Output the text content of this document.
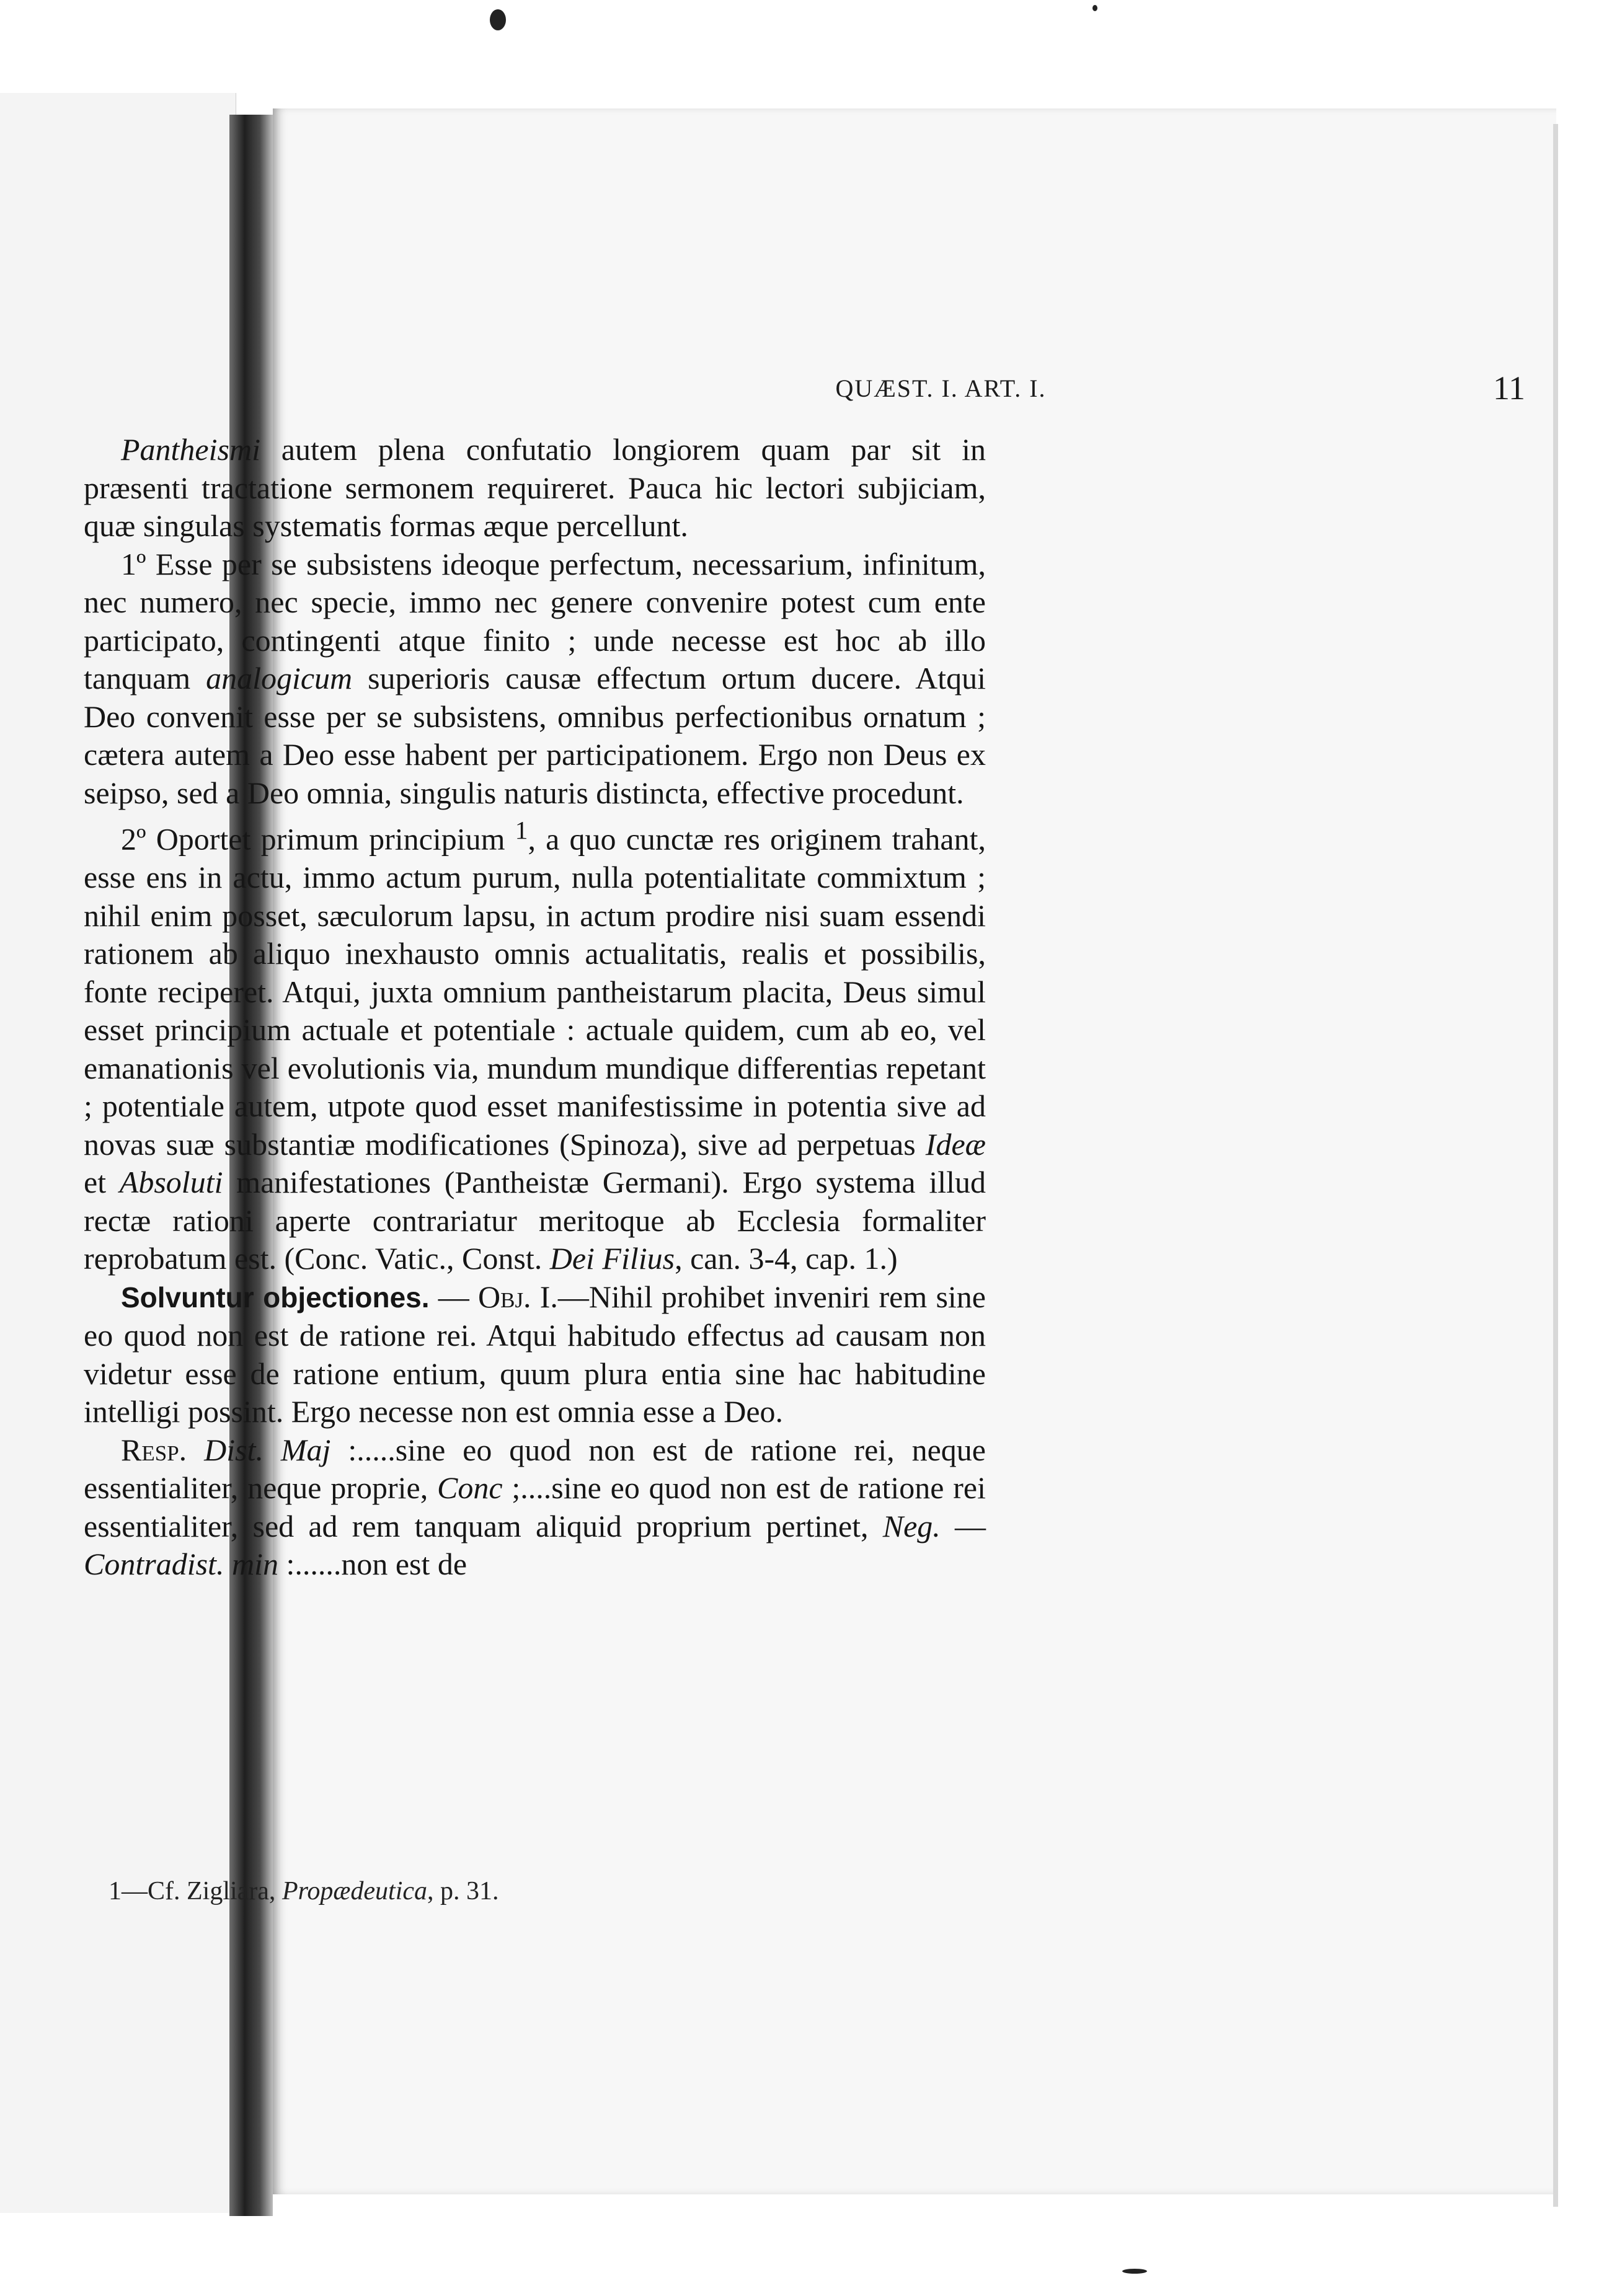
QUÆST. I. ART. I.	11

Pantheismi autem plena confutatio longiorem quam par sit in præsenti tractatione sermonem requireret. Pauca hic lectori subjiciam, quæ singulas systematis formas æque percellunt.

1º Esse per se subsistens ideoque perfectum, necessarium, infinitum, nec numero, nec specie, immo nec genere convenire potest cum ente participato, contingenti atque finito ; unde necesse est hoc ab illo tanquam analogicum superioris causæ effectum ortum ducere. Atqui Deo convenit esse per se subsistens, omnibus perfectionibus ornatum ; cætera autem a Deo esse habent per participationem. Ergo non Deus ex seipso, sed a Deo omnia, singulis naturis distincta, effective procedunt.

2º Oportet primum principium $^1$, a quo cunctæ res originem trahant, esse ens in actu, immo actum purum, nulla potentialitate commixtum ; nihil enim posset, sæculorum lapsu, in actum prodire nisi suam essendi rationem ab aliquo inexhausto omnis actualitatis, realis et possibilis, fonte reciperet. Atqui, juxta omnium pantheistarum placita, Deus simul esset principium actuale et potentiale : actuale quidem, cum ab eo, vel emanationis vel evolutionis via, mundum mundique differentias repetant ; potentiale autem, utpote quod esset manifestissime in potentia sive ad novas suæ substantiæ modificationes (Spinoza), sive ad perpetuas Ideæ et Absoluti manifestationes (Pantheistæ Germani). Ergo systema illud rectæ rationi aperte contrariatur meritoque ab Ecclesia formaliter reprobatum est. (Conc. Vatic., Const. Dei Filius, can. 3-4, cap. 1.)

Solvuntur objectiones. — Obj. I.—Nihil prohibet inveniri rem sine eo quod non est de ratione rei. Atqui habitudo effectus ad causam non videtur esse de ratione entium, quum plura entia sine hac habitudine intelligi possint. Ergo necesse non est omnia esse a Deo.

Resp. Dist. Maj :.....sine eo quod non est de ratione rei, neque essentialiter, neque proprie, Conc ;....sine eo quod non est de ratione rei essentialiter, sed ad rem tanquam aliquid proprium pertinet, Neg. — Contradist. min :......non est de

1—Cf. Zigliara, Propædeutica, p. 31.
